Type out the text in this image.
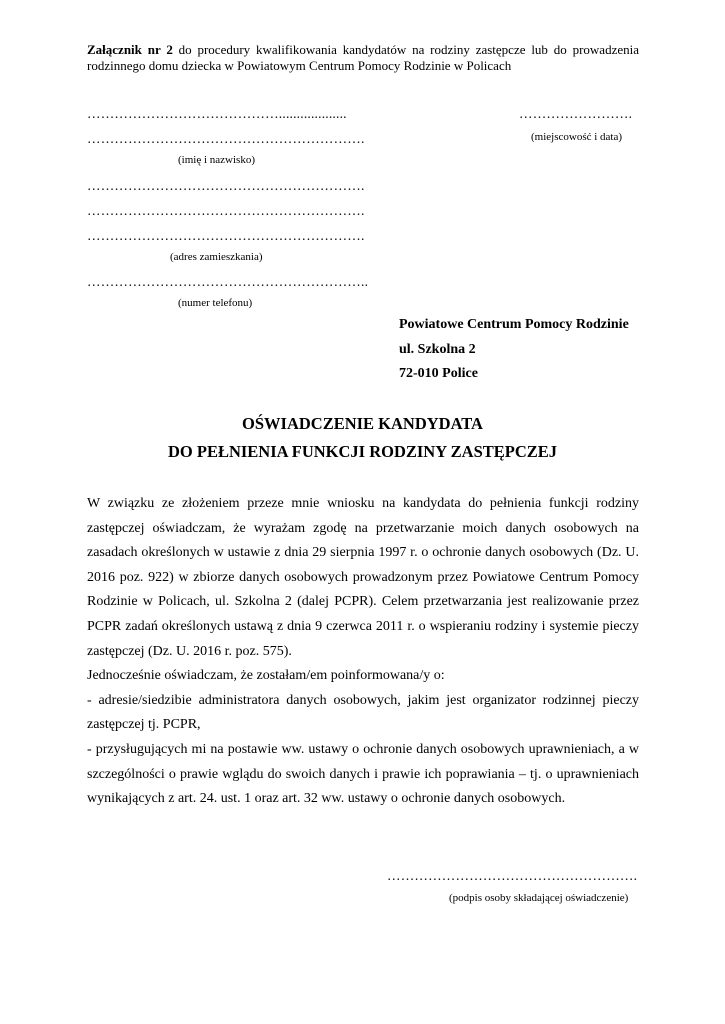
Załącznik nr 2 do procedury kwalifikowania kandydatów na rodziny zastępcze lub do prowadzenia rodzinnego domu dziecka w Powiatowym Centrum Pomocy Rodzinie w Policach
……………………………………...................
…………………………………………………….
(imię i nazwisko)
…………………………………………………….
…………………………………………………….
…………………………………………………….
(adres zamieszkania)
……………………………………………………..
(numer telefonu)
…………………….
(miejscowość i data)
Powiatowe Centrum Pomocy Rodzinie
ul. Szkolna 2
72-010 Police
OŚWIADCZENIE KANDYDATA
DO PEŁNIENIA FUNKCJI RODZINY ZASTĘPCZEJ

W związku ze złożeniem przeze mnie wniosku na kandydata do pełnienia funkcji rodziny zastępczej oświadczam, że wyrażam zgodę na przetwarzanie moich danych osobowych na zasadach określonych w ustawie z dnia 29 sierpnia 1997 r. o ochronie danych osobowych (Dz. U. 2016 poz. 922) w zbiorze danych osobowych prowadzonym przez Powiatowe Centrum Pomocy Rodzinie w Policach, ul. Szkolna 2 (dalej PCPR). Celem przetwarzania jest realizowanie przez PCPR zadań określonych ustawą z dnia 9 czerwca 2011 r. o wspieraniu rodziny i systemie pieczy zastępczej (Dz. U. 2016 r. poz. 575).

Jednocześnie oświadczam, że zostałam/em poinformowana/y o:

- adresie/siedzibie administratora danych osobowych, jakim jest organizator rodzinnej pieczy zastępczej tj. PCPR,

- przysługujących mi na postawie ww. ustawy o ochronie danych osobowych uprawnieniach, a w szczególności o prawie wglądu do swoich danych i prawie ich poprawiania – tj. o uprawnieniach wynikających z art. 24. ust. 1 oraz art. 32 ww. ustawy o ochronie danych osobowych.

……………………………………………….
(podpis osoby składającej oświadczenie)
